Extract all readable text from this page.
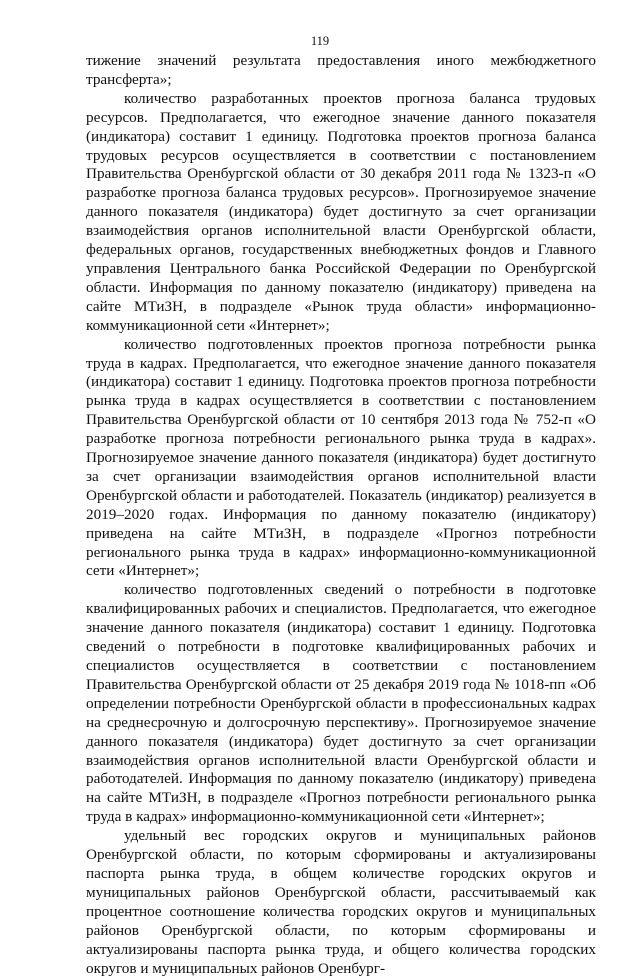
119

тижение значений результата предоставления иного межбюджетного трансферта»;

количество разработанных проектов прогноза баланса трудовых ресурсов. Предполагается, что ежегодное значение данного показателя (индикатора) составит 1 единицу. Подготовка проектов прогноза баланса трудовых ресурсов осуществляется в соответствии с постановлением Правительства Оренбургской области от 30 декабря 2011 года № 1323-п «О разработке прогноза баланса трудовых ресурсов». Прогнозируемое значение данного показателя (индикатора) будет достигнуто за счет организации взаимодействия органов исполнительной власти Оренбургской области, федеральных органов, государственных внебюджетных фондов и Главного управления Центрального банка Российской Федерации по Оренбургской области. Информация по данному показателю (индикатору) приведена на сайте МТиЗН, в подразделе «Рынок труда области» информационно-коммуникационной сети «Интернет»;

количество подготовленных проектов прогноза потребности рынка труда в кадрах. Предполагается, что ежегодное значение данного показателя (индикатора) составит 1 единицу. Подготовка проектов прогноза потребности рынка труда в кадрах осуществляется в соответствии с постановлением Правительства Оренбургской области от 10 сентября 2013 года № 752-п «О разработке прогноза потребности регионального рынка труда в кадрах». Прогнозируемое значение данного показателя (индикатора) будет достигнуто за счет организации взаимодействия органов исполнительной власти Оренбургской области и работодателей. Показатель (индикатор) реализуется в 2019–2020 годах. Информация по данному показателю (индикатору) приведена на сайте МТиЗН, в подразделе «Прогноз потребности регионального рынка труда в кадрах» информационно-коммуникационной сети «Интернет»;

количество подготовленных сведений о потребности в подготовке квалифицированных рабочих и специалистов. Предполагается, что ежегодное значение данного показателя (индикатора) составит 1 единицу. Подготовка сведений о потребности в подготовке квалифицированных рабочих и специалистов осуществляется в соответствии с постановлением Правительства Оренбургской области от 25 декабря 2019 года № 1018-пп «Об определении потребности Оренбургской области в профессиональных кадрах на среднесрочную и долгосрочную перспективу». Прогнозируемое значение данного показателя (индикатора) будет достигнуто за счет организации взаимодействия органов исполнительной власти Оренбургской области и работодателей. Информация по данному показателю (индикатору) приведена на сайте МТиЗН, в подразделе «Прогноз потребности регионального рынка труда в кадрах» информационно-коммуникационной сети «Интернет»;

удельный вес городских округов и муниципальных районов Оренбургской области, по которым сформированы и актуализированы паспорта рынка труда, в общем количестве городских округов и муниципальных районов Оренбургской области, рассчитываемый как процентное соотношение количества городских округов и муниципальных районов Оренбургской области, по которым сформированы и актуализированы паспорта рынка труда, и общего количества городских округов и муниципальных районов Оренбург-
